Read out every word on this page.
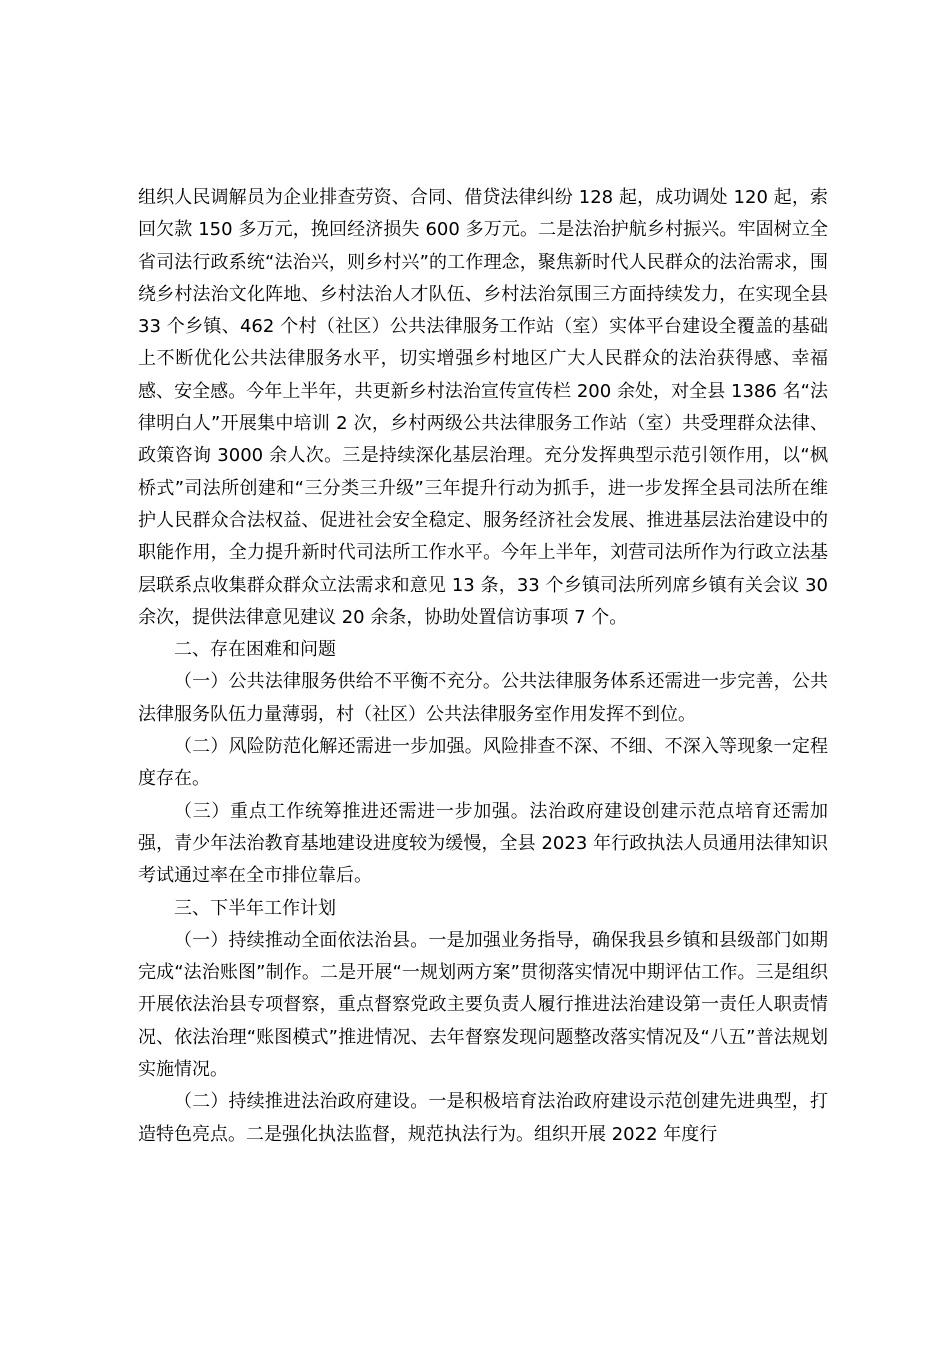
组织人民调解员为企业排查劳资、合同、借贷法律纠纷 128 起，成功调处 120 起，索回欠款 150 多万元，挽回经济损失 600 多万元。二是法治护航乡村振兴。牢固树立全省司法行政系统“法治兴，则乡村兴”的工作理念，聚焦新时代人民群众的法治需求，围绕乡村法治文化阵地、乡村法治人才队伍、乡村法治氛围三方面持续发力，在实现全县 33 个乡镇、462 个村（社区）公共法律服务工作站（室）实体平台建设全覆盖的基础上不断优化公共法律服务水平，切实增强乡村地区广大人民群众的法治获得感、幸福感、安全感。今年上半年，共更新乡村法治宣传宣传栏 200 余处，对全县 1386 名“法律明白人”开展集中培训 2 次，乡村两级公共法律服务工作站（室）共受理群众法律、政策咨询 3000 余人次。三是持续深化基层治理。充分发挥典型示范引领作用，以“枫桥式”司法所创建和“三分类三升级”三年提升行动为抓手，进一步发挥全县司法所在维护人民群众合法权益、促进社会安全稳定、服务经济社会发展、推进基层法治建设中的职能作用，全力提升新时代司法所工作水平。今年上半年，刘营司法所作为行政立法基层联系点收集群众群众立法需求和意见 13 条，33 个乡镇司法所列席乡镇有关会议 30 余次，提供法律意见建议 20 余条，协助处置信访事项 7 个。

二、存在困难和问题

（一）公共法律服务供给不平衡不充分。公共法律服务体系还需进一步完善，公共法律服务队伍力量薄弱，村（社区）公共法律服务室作用发挥不到位。

（二）风险防范化解还需进一步加强。风险排查不深、不细、不深入等现象一定程度存在。

（三）重点工作统筹推进还需进一步加强。法治政府建设创建示范点培育还需加强，青少年法治教育基地建设进度较为缓慢，全县 2023 年行政执法人员通用法律知识考试通过率在全市排位靠后。

三、下半年工作计划

（一）持续推动全面依法治县。一是加强业务指导，确保我县乡镇和县级部门如期完成“法治账图”制作。二是开展“一规划两方案”贯彻落实情况中期评估工作。三是组织开展依法治县专项督察，重点督察党政主要负责人履行推进法治建设第一责任人职责情况、依法治理“账图模式”推进情况、去年督察发现问题整改落实情况及“八五”普法规划实施情况。

（二）持续推进法治政府建设。一是积极培育法治政府建设示范创建先进典型，打造特色亮点。二是强化执法监督，规范执法行为。组织开展 2022 年度行
